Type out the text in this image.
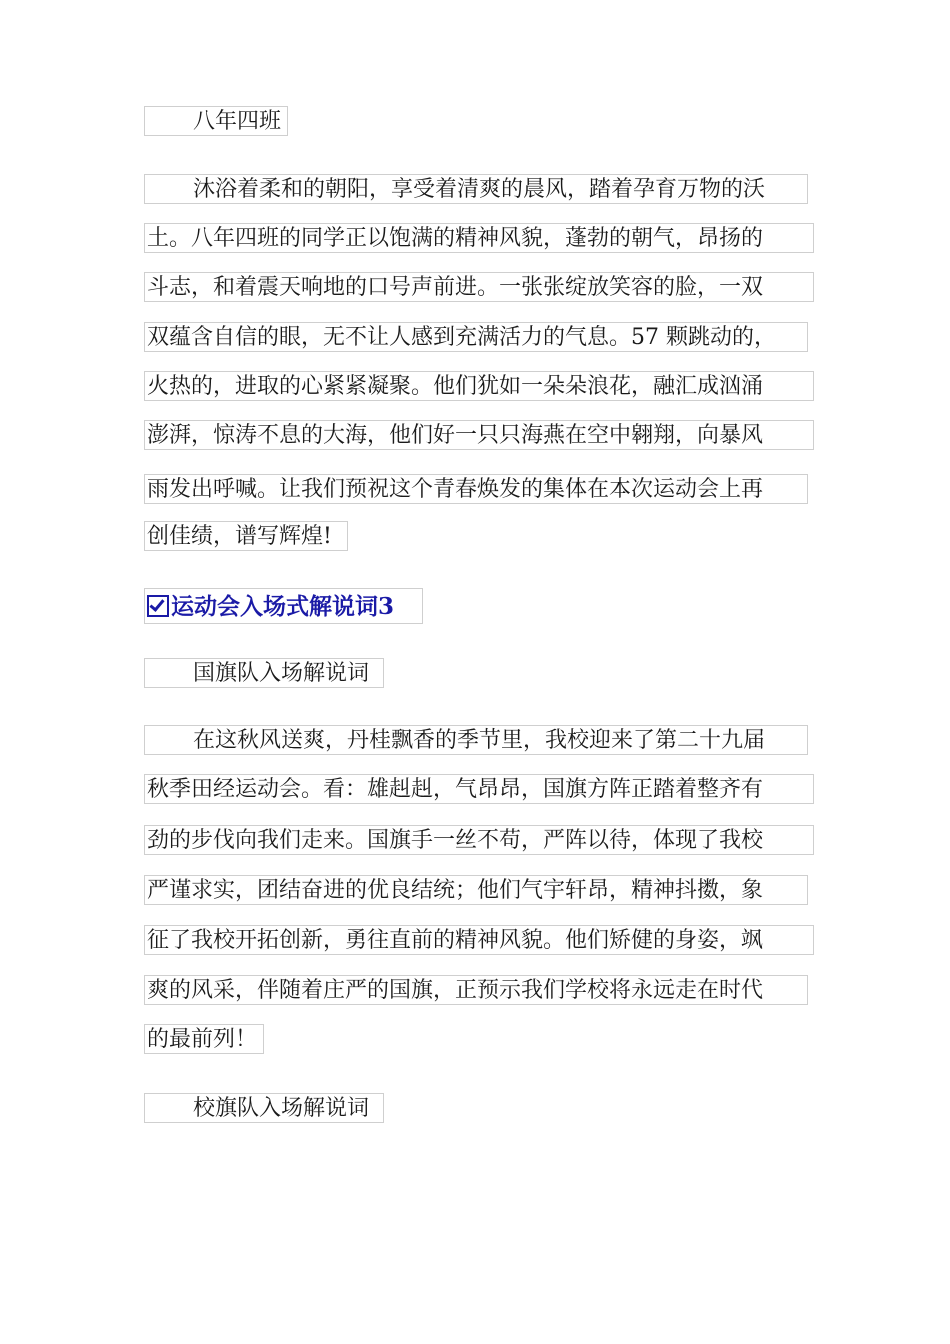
八年四班
沐浴着柔和的朝阳，享受着清爽的晨风，踏着孕育万物的沃
土。八年四班的同学正以饱满的精神风貌，蓬勃的朝气，昂扬的
斗志，和着震天响地的口号声前进。一张张绽放笑容的脸，一双
双蕴含自信的眼，无不让人感到充满活力的气息。57 颗跳动的，
火热的，进取的心紧紧凝聚。他们犹如一朵朵浪花，融汇成汹涌
澎湃，惊涛不息的大海，他们好一只只海燕在空中翱翔，向暴风
雨发出呼喊。让我们预祝这个青春焕发的集体在本次运动会上再
创佳绩，谱写辉煌!
运动会入场式解说词3
国旗队入场解说词
在这秋风送爽，丹桂飘香的季节里，我校迎来了第二十九届
秋季田经运动会。看：雄赳赳，气昂昂，国旗方阵正踏着整齐有
劲的步伐向我们走来。国旗手一丝不苟，严阵以待，体现了我校
严谨求实，团结奋进的优良结统；他们气宇轩昂，精神抖擞，象
征了我校开拓创新，勇往直前的精神风貌。他们矫健的身姿，飒
爽的风采，伴随着庄严的国旗，正预示我们学校将永远走在时代
的最前列！
校旗队入场解说词
